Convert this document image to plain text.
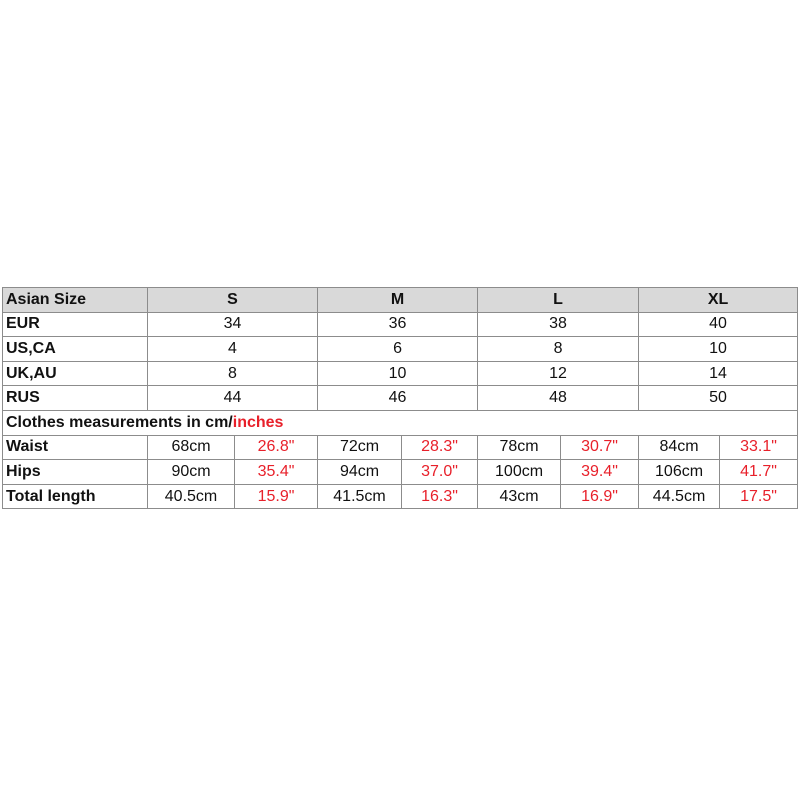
Asian Size	S		M		L		XL	
EUR	34		36		38		40	
US,CA	4		6		8		10	
UK,AU	8		10		12		14	
RUS	44		46		48		50	
Clothes measurements in cm/inches								
Waist	68cm	26.8"	72cm	28.3"	78cm	30.7"	84cm	33.1"
Hips	90cm	35.4"	94cm	37.0"	100cm	39.4"	106cm	41.7"
Total length	40.5cm	15.9"	41.5cm	16.3"	43cm	16.9"	44.5cm	17.5"
